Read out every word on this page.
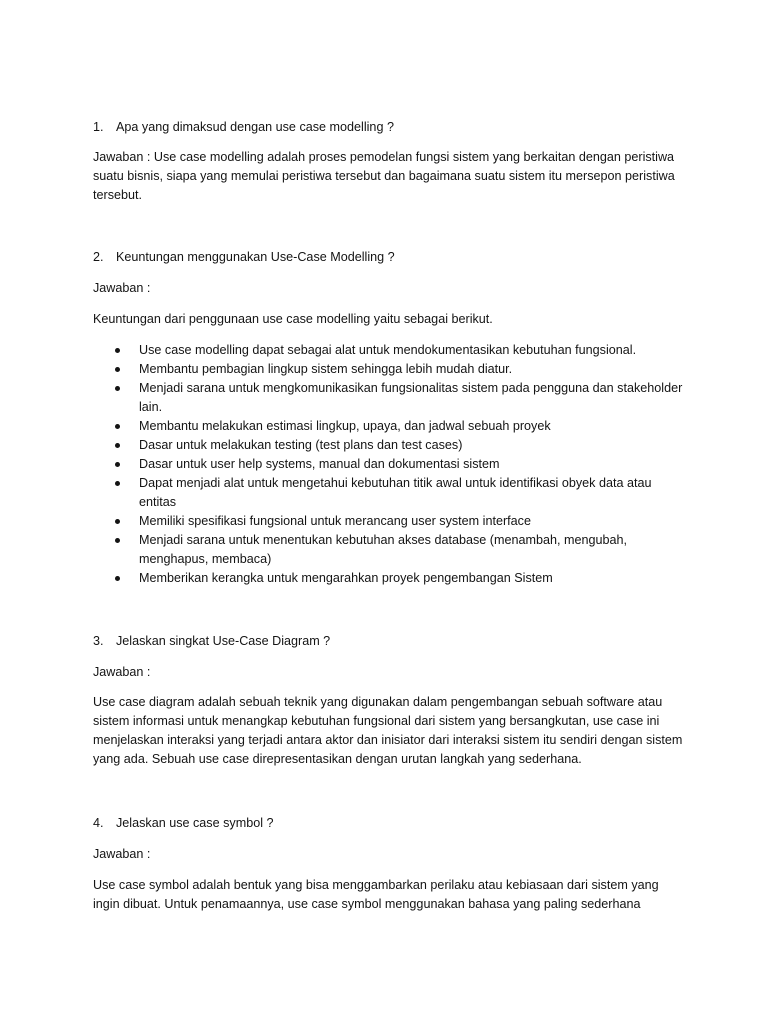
1. Apa yang dimaksud dengan use case modelling ?

Jawaban : Use case modelling adalah proses pemodelan fungsi sistem yang berkaitan dengan peristiwa suatu bisnis, siapa yang memulai peristiwa tersebut dan bagaimana suatu sistem itu mersepon peristiwa tersebut.

2. Keuntungan menggunakan Use-Case Modelling ?
Jawaban :
Keuntungan dari penggunaan use case modelling yaitu sebagai berikut.
Use case modelling dapat sebagai alat untuk mendokumentasikan kebutuhan fungsional.
Membantu pembagian lingkup sistem sehingga lebih mudah diatur.
Menjadi sarana untuk mengkomunikasikan fungsionalitas sistem pada pengguna dan stakeholder lain.
Membantu melakukan estimasi lingkup, upaya, dan jadwal sebuah proyek
Dasar untuk melakukan testing (test plans dan test cases)
Dasar untuk user help systems, manual dan dokumentasi sistem
Dapat menjadi alat untuk mengetahui kebutuhan titik awal untuk identifikasi obyek data atau entitas
Memiliki spesifikasi fungsional untuk merancang user system interface
Menjadi sarana untuk menentukan kebutuhan akses database (menambah, mengubah, menghapus, membaca)
Memberikan kerangka untuk mengarahkan proyek pengembangan Sistem
3. Jelaskan singkat Use-Case Diagram ?
Jawaban :

Use case diagram adalah sebuah teknik yang digunakan dalam pengembangan sebuah software atau sistem informasi untuk menangkap kebutuhan fungsional dari sistem yang bersangkutan, use case ini menjelaskan interaksi yang terjadi antara aktor dan inisiator dari interaksi sistem itu sendiri dengan sistem yang ada. Sebuah use case direpresentasikan dengan urutan langkah yang sederhana.

4. Jelaskan use case symbol ?
Jawaban :

Use case symbol adalah bentuk yang bisa menggambarkan perilaku atau kebiasaan dari sistem yang ingin dibuat. Untuk penamaannya, use case symbol menggunakan bahasa yang paling sederhana
